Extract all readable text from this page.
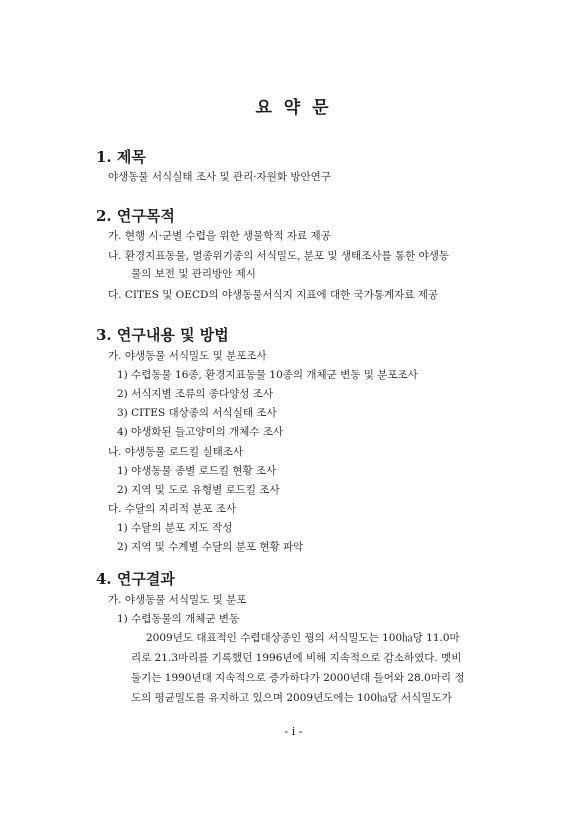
요 약 문
1. 제목
야생동물 서식실태 조사 및 관리·자원화 방안연구
2. 연구목적
가. 현행 시·군별 수렵을 위한 생물학적 자료 제공
나. 환경지표동물, 멸종위기종의 서식밀도, 분포 및 생태조사를 통한 야생동
물의 보전 및 관리방안 제시
다. CITES 및 OECD의 야생동물서식지 지표에 대한 국가통계자료 제공
3. 연구내용 및 방법
가. 야생동물 서식밀도 및 분포조사
1) 수렵동물 16종, 환경지표동물 10종의 개체군 변동 및 분포조사
2) 서식지별 조류의 종다양성 조사
3) CITES 대상종의 서식실태 조사
4) 야생화된 들고양이의 개체수 조사
나. 야생동물 로드킬 실태조사
1) 야생동물 종별 로드킬 현황 조사
2) 지역 및 도로 유형별 로드킬 조사
다. 수달의 지리적 분포 조사
1) 수달의 분포 지도 작성
2) 지역 및 수계별 수달의 분포 현황 파악
4. 연구결과
가. 야생동물 서식밀도 및 분포
1) 수렵동물의 개체군 변동
2009년도 대표적인 수렵대상종인 꿩의 서식밀도는 100㏊당 11.0마
리로 21.3마리를 기록했던 1996년에 비해 지속적으로 감소하였다. 멧비
둘기는 1990년대 지속적으로 증가하다가 2000년대 들어와 28.0마리 정
도의 평균밀도를 유지하고 있으며 2009년도에는 100㏊당 서식밀도가
- i -
